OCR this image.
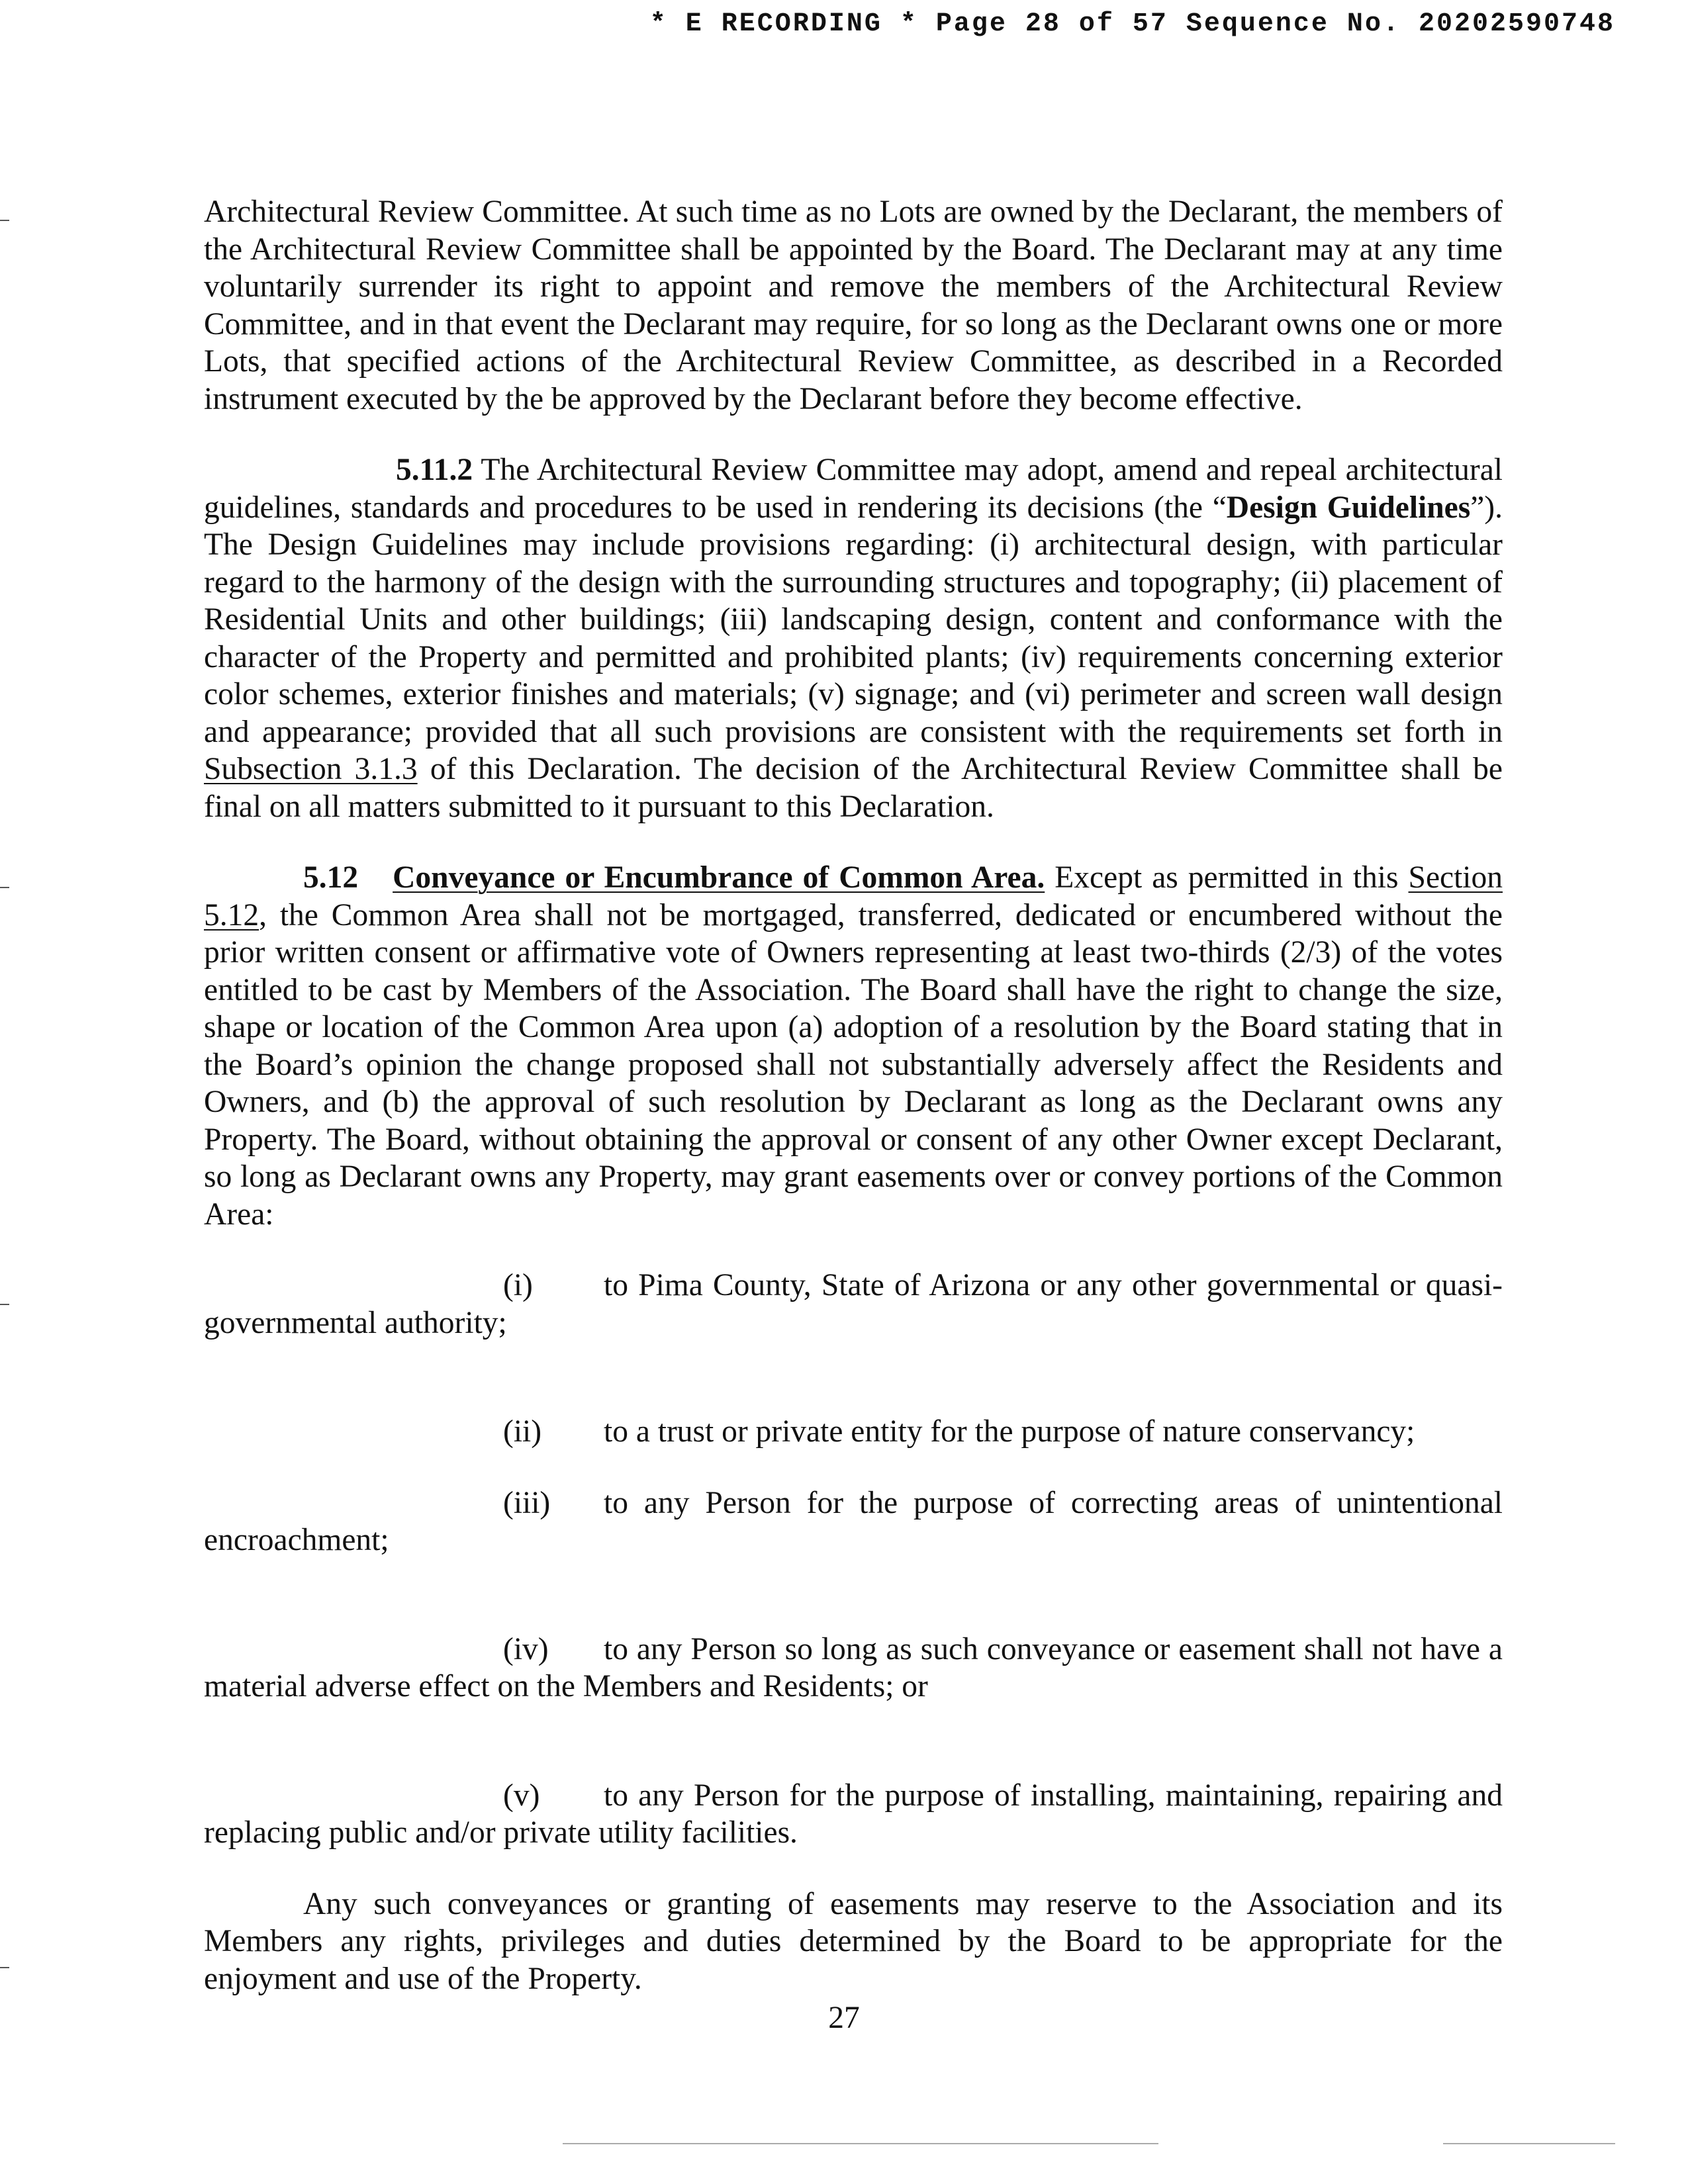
* E RECORDING * Page 28 of 57 Sequence No. 20202590748

Architectural Review Committee. At such time as no Lots are owned by the Declarant, the members of the Architectural Review Committee shall be appointed by the Board. The Declarant may at any time voluntarily surrender its right to appoint and remove the members of the Architectural Review Committee, and in that event the Declarant may require, for so long as the Declarant owns one or more Lots, that specified actions of the Architectural Review Committee, as described in a Recorded instrument executed by the be approved by the Declarant before they become effective.

5.11.2 The Architectural Review Committee may adopt, amend and repeal architectural guidelines, standards and procedures to be used in rendering its decisions (the “Design Guidelines”). The Design Guidelines may include provisions regarding: (i) architectural design, with particular regard to the harmony of the design with the surrounding structures and topography; (ii) placement of Residential Units and other buildings; (iii) landscaping design, content and conformance with the character of the Property and permitted and prohibited plants; (iv) requirements concerning exterior color schemes, exterior finishes and materials; (v) signage; and (vi) perimeter and screen wall design and appearance; provided that all such provisions are consistent with the requirements set forth in Subsection 3.1.3 of this Declaration. The decision of the Architectural Review Committee shall be final on all matters submitted to it pursuant to this Declaration.

5.12 Conveyance or Encumbrance of Common Area. Except as permitted in this Section 5.12, the Common Area shall not be mortgaged, transferred, dedicated or encumbered without the prior written consent or affirmative vote of Owners representing at least two-thirds (2/3) of the votes entitled to be cast by Members of the Association. The Board shall have the right to change the size, shape or location of the Common Area upon (a) adoption of a resolution by the Board stating that in the Board’s opinion the change proposed shall not substantially adversely affect the Residents and Owners, and (b) the approval of such resolution by Declarant as long as the Declarant owns any Property. The Board, without obtaining the approval or consent of any other Owner except Declarant, so long as Declarant owns any Property, may grant easements over or convey portions of the Common Area:

(i) to Pima County, State of Arizona or any other governmental or quasi-governmental authority;

(ii) to a trust or private entity for the purpose of nature conservancy;

(iii) to any Person for the purpose of correcting areas of unintentional encroachment;

(iv) to any Person so long as such conveyance or easement shall not have a material adverse effect on the Members and Residents; or

(v) to any Person for the purpose of installing, maintaining, repairing and replacing public and/or private utility facilities.

Any such conveyances or granting of easements may reserve to the Association and its Members any rights, privileges and duties determined by the Board to be appropriate for the enjoyment and use of the Property.

27
